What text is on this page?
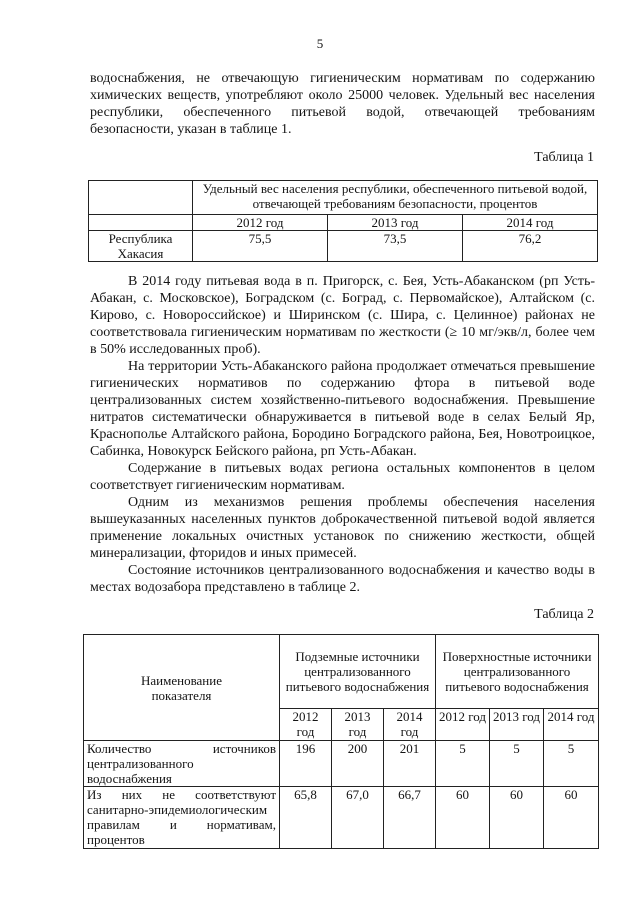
5

водоснабжения, не отвечающую гигиеническим нормативам по содержанию химических веществ, употребляют около 25000 человек. Удельный вес населения республики, обеспеченного питьевой водой, отвечающей требованиям безопасности, указан в таблице 1.

Таблица 1
	Удельный вес населения республики, обеспеченного питьевой водой, отвечающей требованиям безопасности, процентов		
	2012 год	2013 год	2014 год
Республика Хакасия	75,5	73,5	76,2

В 2014 году питьевая вода в п. Пригорск, с. Бея, Усть-Абаканском (рп Усть-Абакан, с. Московское), Боградском (с. Боград, с. Первомайское), Алтайском (с. Кирово, с. Новороссийское) и Ширинском (с. Шира, с. Целинное) районах не соответствовала гигиеническим нормативам по жесткости (≥ 10 мг/экв/л, более чем в 50% исследованных проб).

На территории Усть-Абаканского района продолжает отмечаться превышение гигиенических нормативов по содержанию фтора в питьевой воде централизованных систем хозяйственно-питьевого водоснабжения. Превышение нитратов систематически обнаруживается в питьевой воде в селах Белый Яр, Краснополье Алтайского района, Бородино Боградского района, Бея, Новотроицкое, Сабинка, Новокурск Бейского района, рп Усть-Абакан.

Содержание в питьевых водах региона остальных компонентов в целом соответствует гигиеническим нормативам.

Одним из механизмов решения проблемы обеспечения населения вышеуказанных населенных пунктов доброкачественной питьевой водой является применение локальных очистных установок по снижению жесткости, общей минерализации, фторидов и иных примесей.

Состояние источников централизованного водоснабжения и качество воды в местах водозабора представлено в таблице 2.

Таблица 2
Наименование показателя	Подземные источники централизованного питьевого водоснабжения			Поверхностные источники централизованного питьевого водоснабжения		
	2012 год	2013 год	2014 год	2012 год	2013 год	2014 год
Количество источников централизованного водоснабжения	196	200	201	5	5	5
Из них не соответствуют санитарно-эпидемиологическим правилам и нормативам, процентов	65,8	67,0	66,7	60	60	60
